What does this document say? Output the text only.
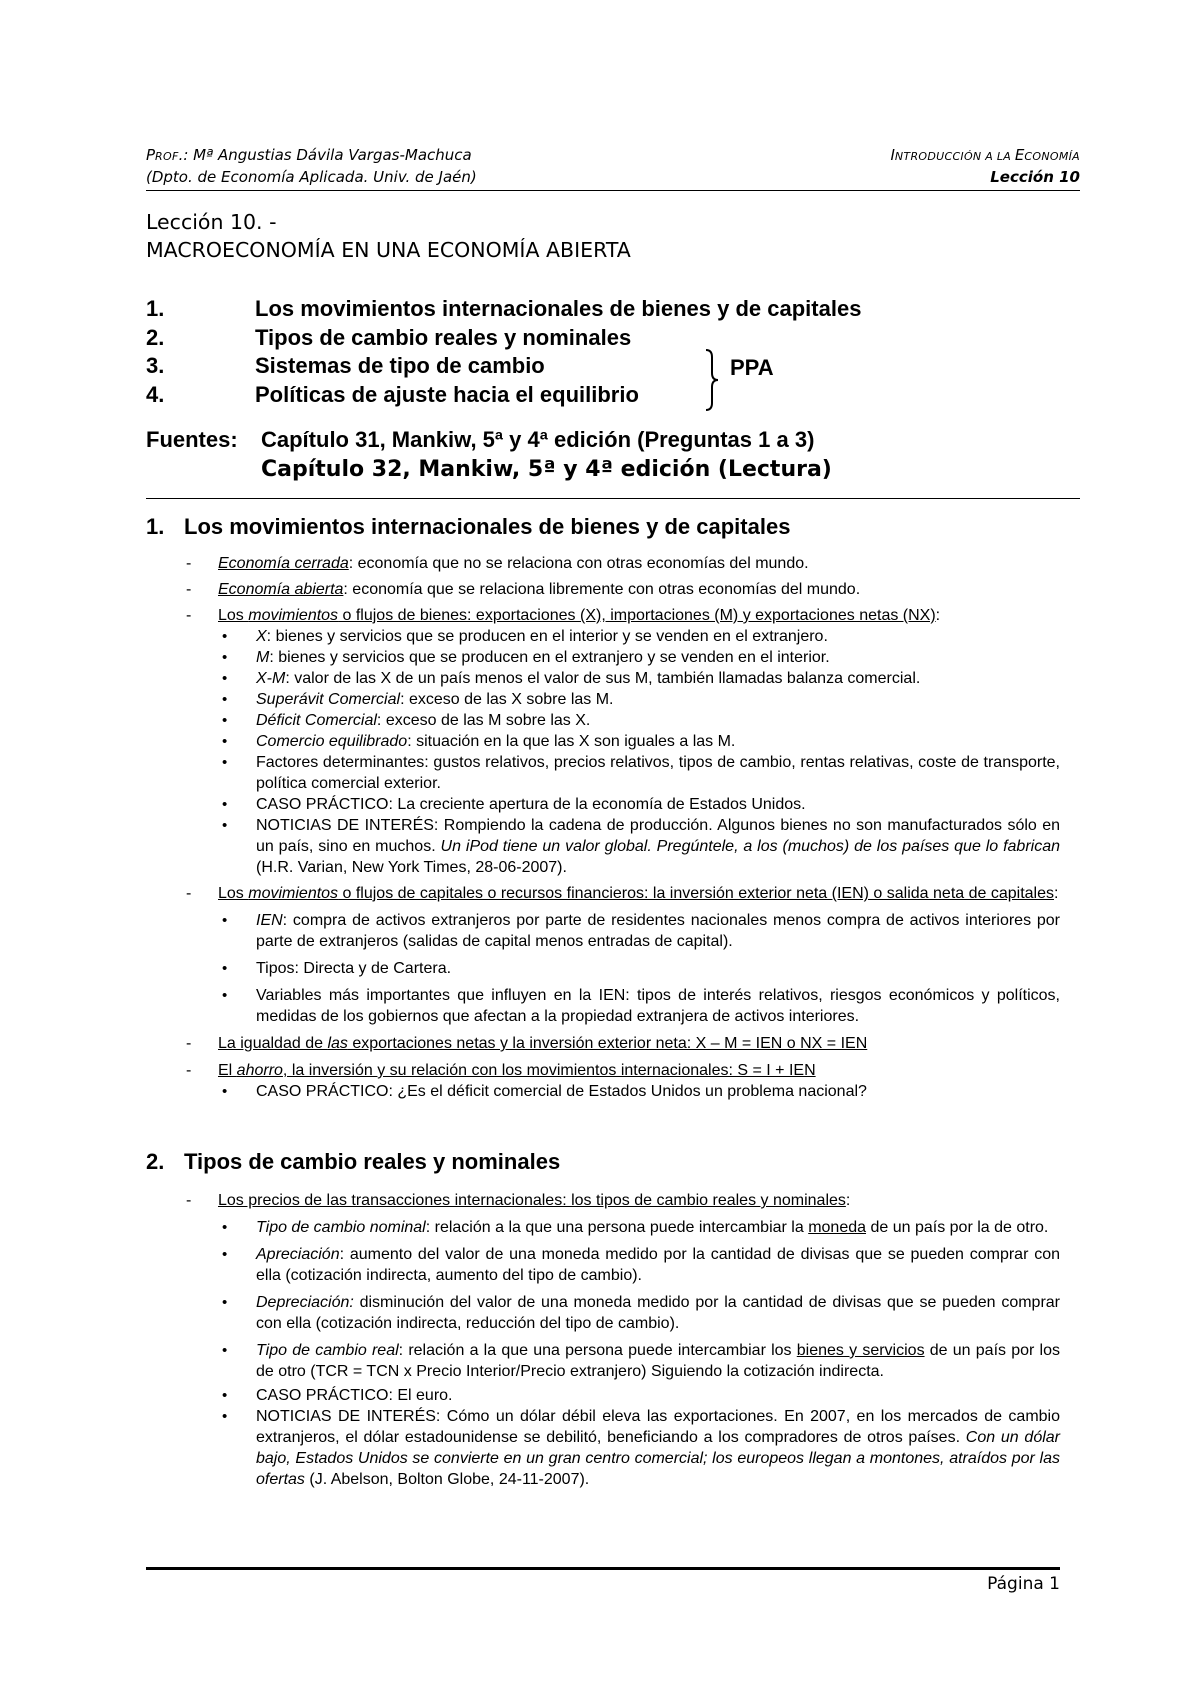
PROF.: Mª Angustias Dávila Vargas-Machuca	INTRODUCCIÓN A LA ECONOMÍA
(Dpto. de Economía Aplicada. Univ. de Jaén)	Lección 10
Lección 10. -
MACROECONOMÍA EN UNA ECONOMÍA ABIERTA
1.	Los movimientos internacionales de bienes y de capitales
2.	Tipos de cambio reales y nominales
3.	Sistemas de tipo de cambio
4.	Políticas de ajuste hacia el equilibrio
PPA
Fuentes: Capítulo 31, Mankiw, 5ª y 4ª edición (Preguntas 1 a 3)
Capítulo 32, Mankiw, 5ª y 4ª edición (Lectura)
1. Los movimientos internacionales de bienes y de capitales
- Economía cerrada: economía que no se relaciona con otras economías del mundo.
- Economía abierta: economía que se relaciona libremente con otras economías del mundo.
- Los movimientos o flujos de bienes: exportaciones (X), importaciones (M) y exportaciones netas (NX):
• X: bienes y servicios que se producen en el interior y se venden en el extranjero.
• M: bienes y servicios que se producen en el extranjero y se venden en el interior.
• X-M: valor de las X de un país menos el valor de sus M, también llamadas balanza comercial.
• Superávit Comercial: exceso de las X sobre las M.
• Déficit Comercial: exceso de las M sobre las X.
• Comercio equilibrado: situación en la que las X son iguales a las M.
• Factores determinantes: gustos relativos, precios relativos, tipos de cambio, rentas relativas, coste de transporte, política comercial exterior.
• CASO PRÁCTICO: La creciente apertura de la economía de Estados Unidos.
• NOTICIAS DE INTERÉS: Rompiendo la cadena de producción. Algunos bienes no son manufacturados sólo en un país, sino en muchos. Un iPod tiene un valor global. Pregúntele, a los (muchos) de los países que lo fabrican (H.R. Varian, New York Times, 28-06-2007).
- Los movimientos o flujos de capitales o recursos financieros: la inversión exterior neta (IEN) o salida neta de capitales:
• IEN: compra de activos extranjeros por parte de residentes nacionales menos compra de activos interiores por parte de extranjeros (salidas de capital menos entradas de capital).
• Tipos: Directa y de Cartera.
• Variables más importantes que influyen en la IEN: tipos de interés relativos, riesgos económicos y políticos, medidas de los gobiernos que afectan a la propiedad extranjera de activos interiores.
- La igualdad de las exportaciones netas y la inversión exterior neta: X – M = IEN o NX = IEN
- El ahorro, la inversión y su relación con los movimientos internacionales: S = I + IEN
• CASO PRÁCTICO: ¿Es el déficit comercial de Estados Unidos un problema nacional?
2. Tipos de cambio reales y nominales
- Los precios de las transacciones internacionales: los tipos de cambio reales y nominales:
• Tipo de cambio nominal: relación a la que una persona puede intercambiar la moneda de un país por la de otro.
• Apreciación: aumento del valor de una moneda medido por la cantidad de divisas que se pueden comprar con ella (cotización indirecta, aumento del tipo de cambio).
• Depreciación: disminución del valor de una moneda medido por la cantidad de divisas que se pueden comprar con ella (cotización indirecta, reducción del tipo de cambio).
• Tipo de cambio real: relación a la que una persona puede intercambiar los bienes y servicios de un país por los de otro (TCR = TCN x Precio Interior/Precio extranjero) Siguiendo la cotización indirecta.
• CASO PRÁCTICO: El euro.
• NOTICIAS DE INTERÉS: Cómo un dólar débil eleva las exportaciones. En 2007, en los mercados de cambio extranjeros, el dólar estadounidense se debilitó, beneficiando a los compradores de otros países. Con un dólar bajo, Estados Unidos se convierte en un gran centro comercial; los europeos llegan a montones, atraídos por las ofertas (J. Abelson, Bolton Globe, 24-11-2007).
Página 1
